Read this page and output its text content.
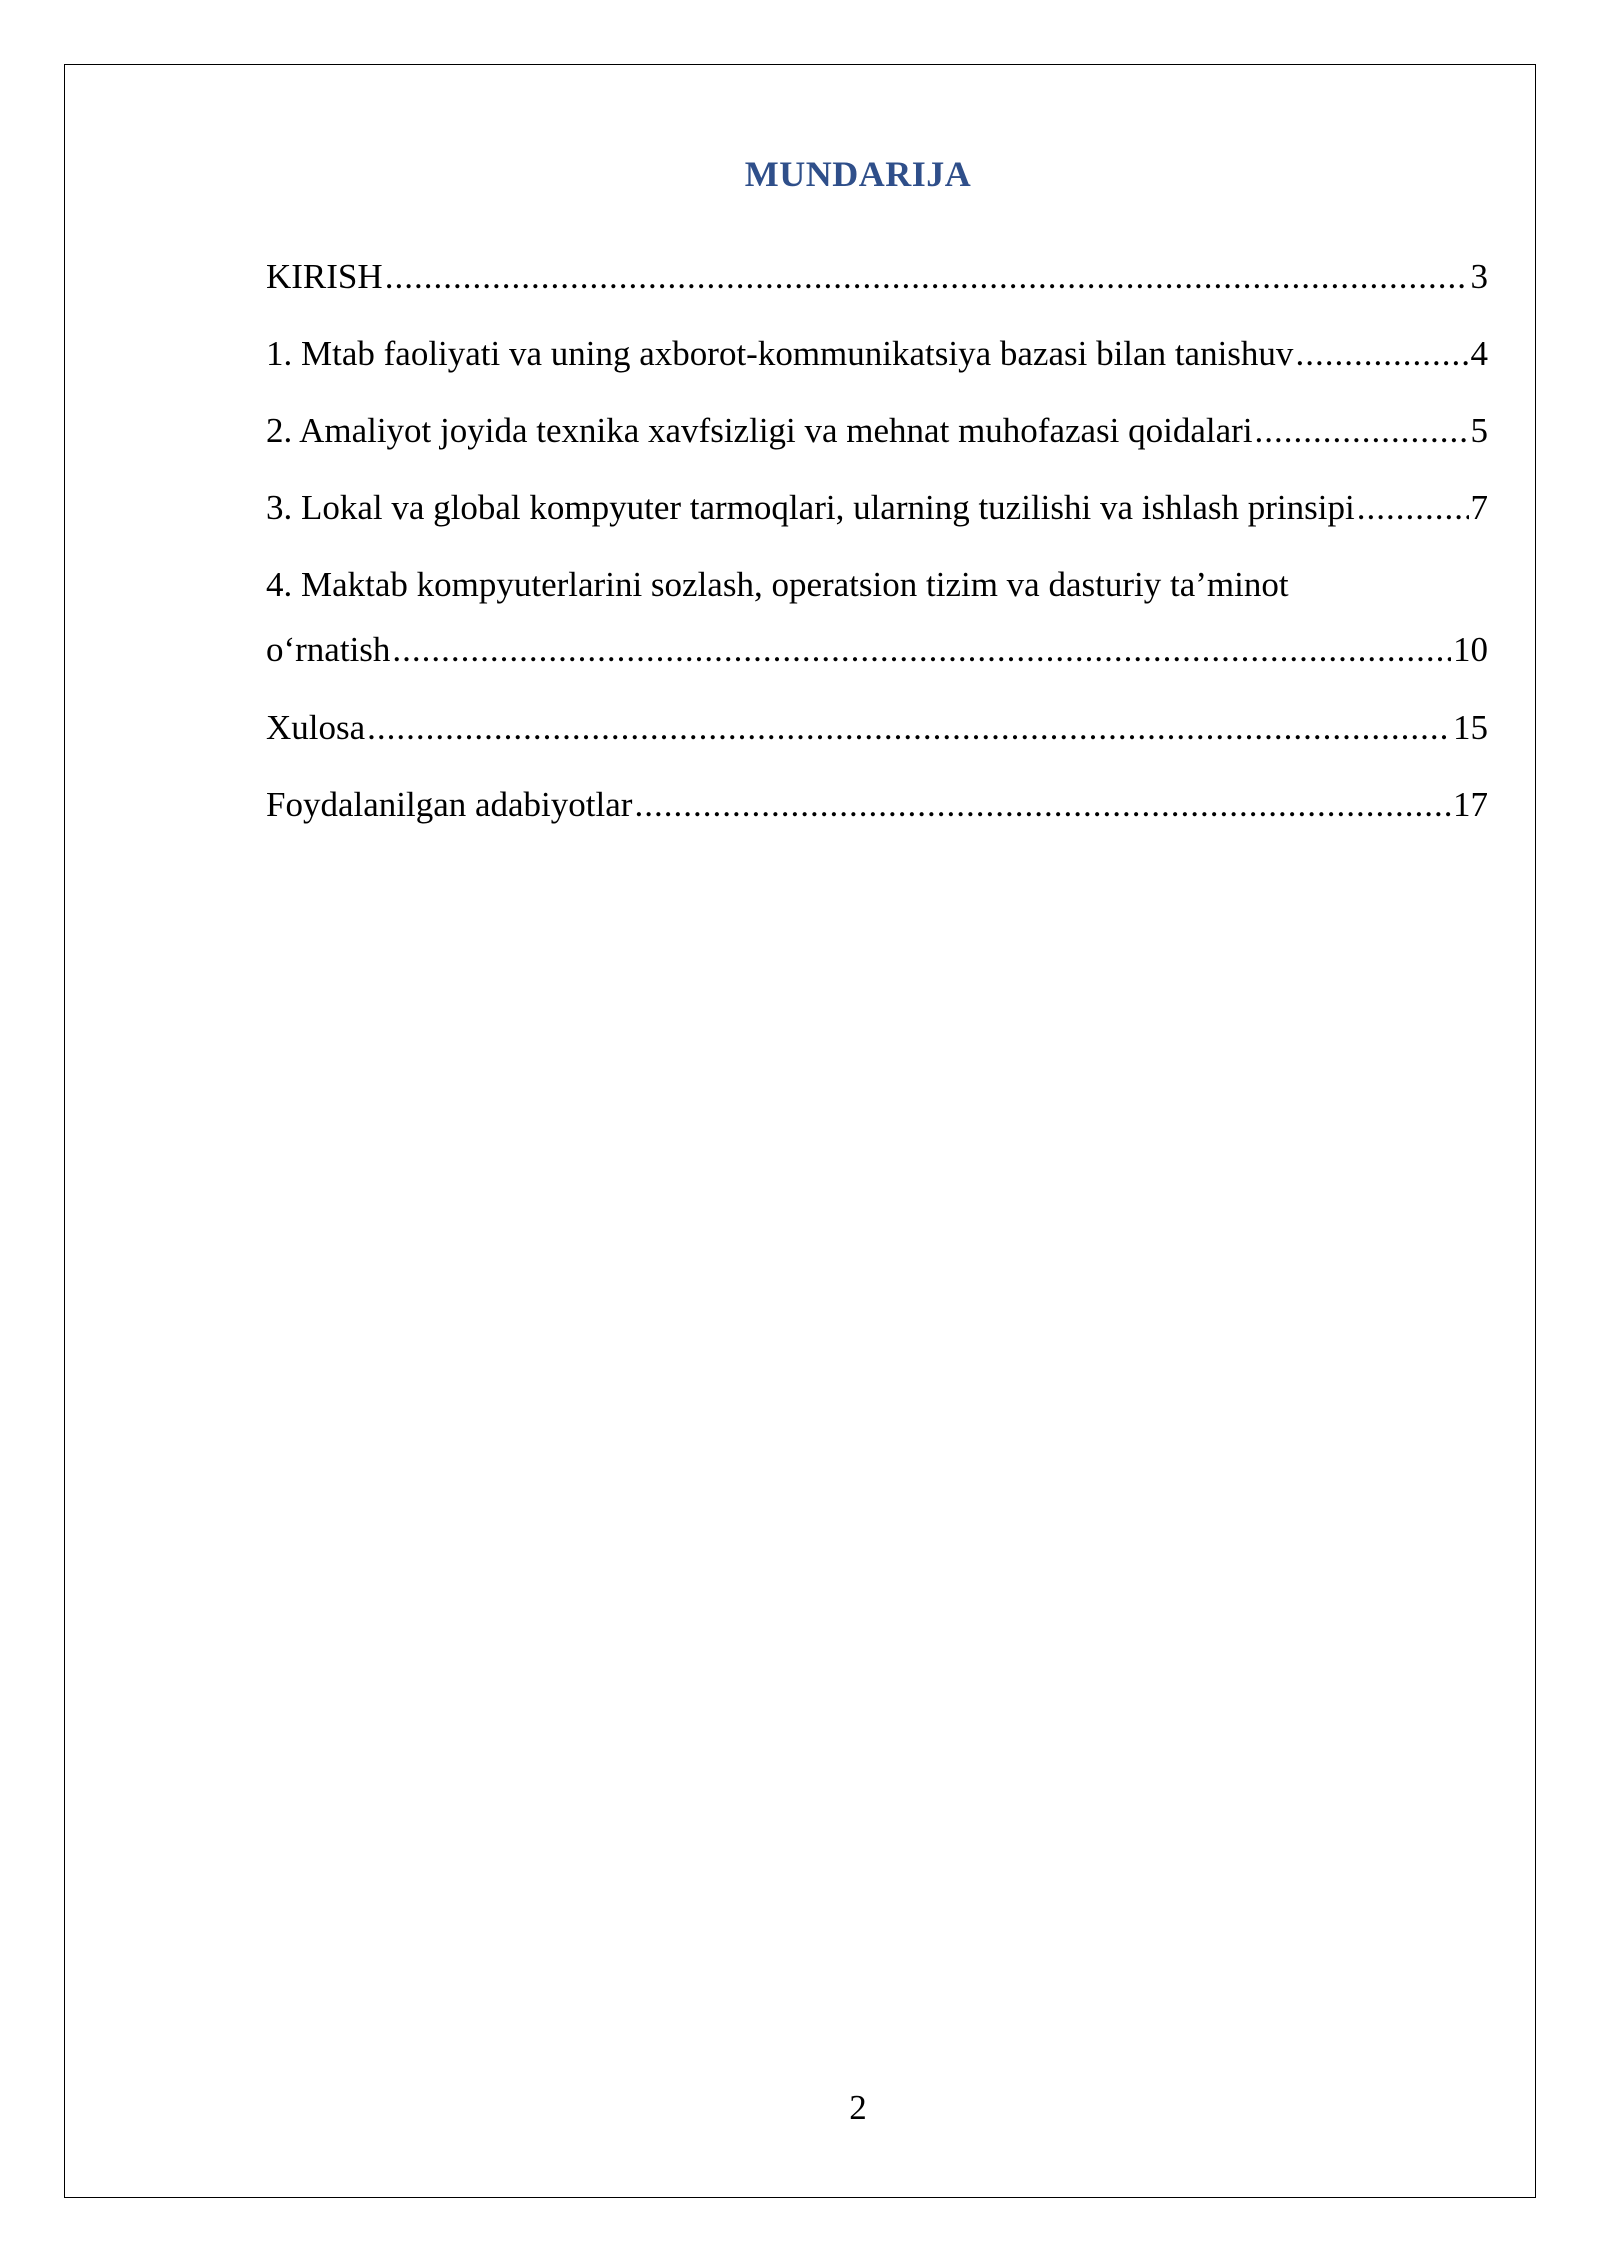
MUNDARIJA
KIRISH .....	3
1. Mtab faoliyati va uning axborot-kommunikatsiya bazasi bilan tanishuv .....	4
2. Amaliyot joyida texnika xavfsizligi va mehnat muhofazasi qoidalari .....	5
3. Lokal va global kompyuter tarmoqlari, ularning tuzilishi va ishlash prinsipi .....	7
4. Maktab kompyuterlarini sozlash, operatsion tizim va dasturiy ta’minot
o‘rnatish .....	10
Xulosa .....	15
Foydalanilgan adabiyotlar .....	17
2
